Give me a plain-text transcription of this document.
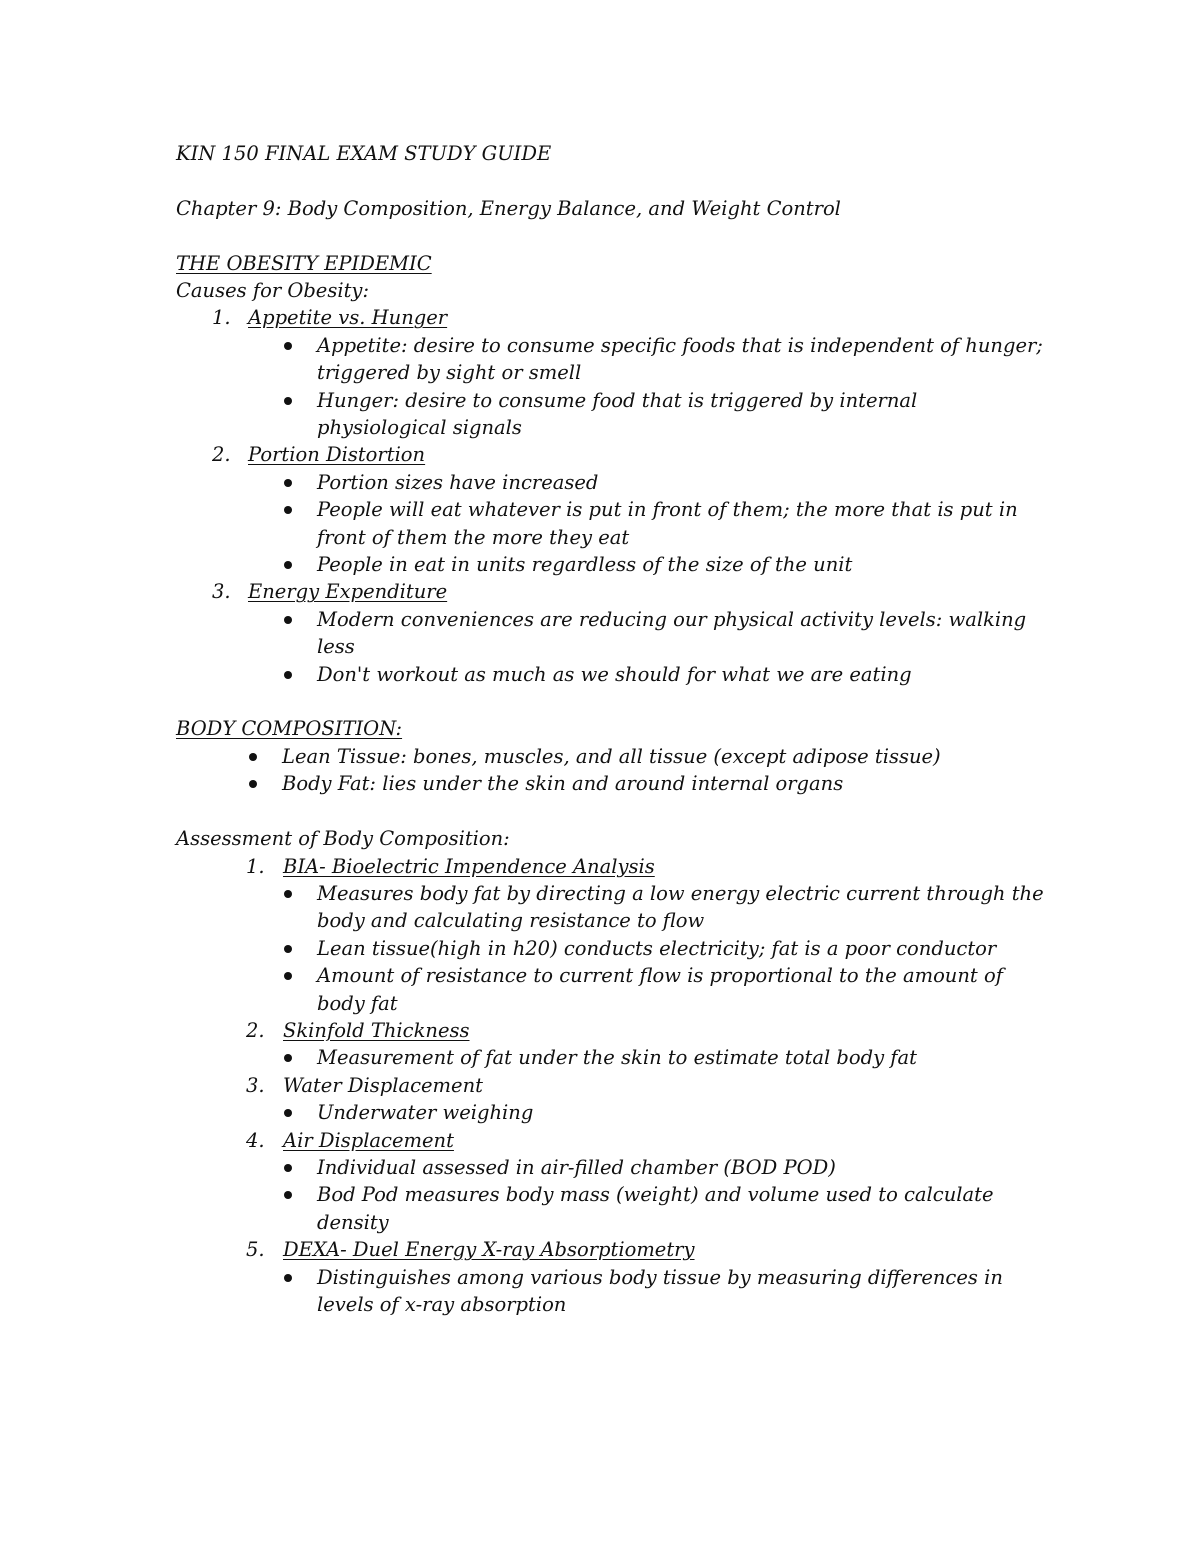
KIN 150 FINAL EXAM STUDY GUIDE
Chapter 9: Body Composition, Energy Balance, and Weight Control
THE OBESITY EPIDEMIC
Causes for Obesity:
1. Appetite vs. Hunger
Appetite: desire to consume specific foods that is independent of hunger;
triggered by sight or smell
Hunger: desire to consume food that is triggered by internal
physiological signals
2. Portion Distortion
Portion sizes have increased
People will eat whatever is put in front of them; the more that is put in
front of them the more they eat
People in eat in units regardless of the size of the unit
3. Energy Expenditure
Modern conveniences are reducing our physical activity levels: walking
less
Don't workout as much as we should for what we are eating
BODY COMPOSITION:
Lean Tissue: bones, muscles, and all tissue (except adipose tissue)
Body Fat: lies under the skin and around internal organs
Assessment of Body Composition:
1. BIA- Bioelectric Impendence Analysis
Measures body fat by directing a low energy electric current through the
body and calculating resistance to flow
Lean tissue(high in h20) conducts electricity; fat is a poor conductor
Amount of resistance to current flow is proportional to the amount of
body fat
2. Skinfold Thickness
Measurement of fat under the skin to estimate total body fat
3. Water Displacement
Underwater weighing
4. Air Displacement
Individual assessed in air-filled chamber (BOD POD)
Bod Pod measures body mass (weight) and volume used to calculate
density
5. DEXA- Duel Energy X-ray Absorptiometry
Distinguishes among various body tissue by measuring differences in
levels of x-ray absorption
